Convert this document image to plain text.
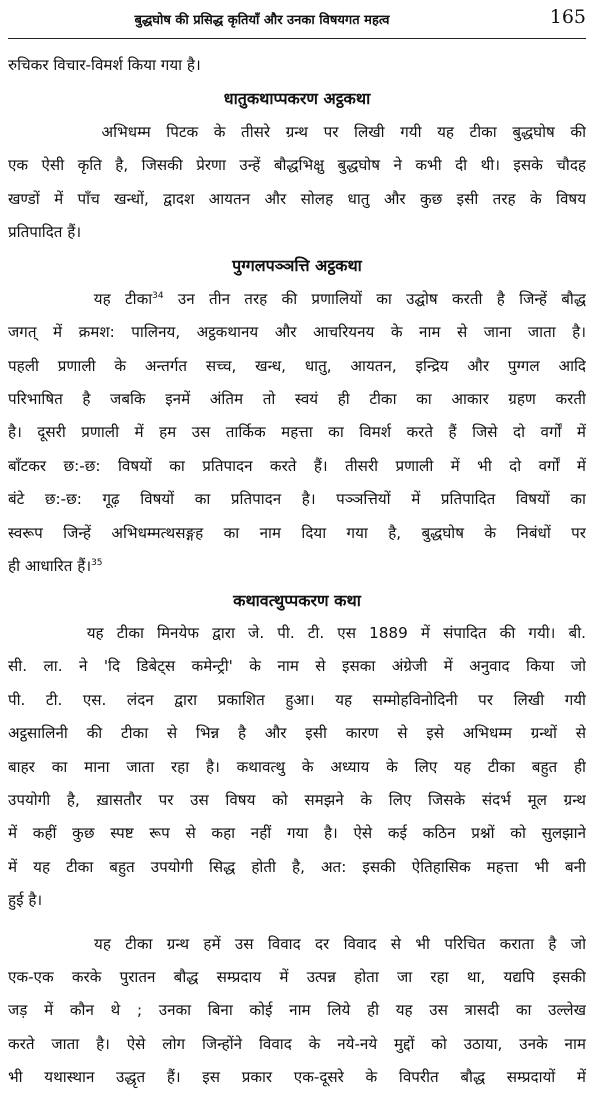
बुद्धघोष की प्रसिद्ध कृतियाँ और उनका विषयगत महत्व	165
रुचिकर विचार-विमर्श किया गया है।
धातुकथाप्पकरण अट्ठकथा
अभिधम्म पिटक के तीसरे ग्रन्थ पर लिखी गयी यह टीका बुद्धघोष की
एक ऐसी कृति है, जिसकी प्रेरणा उन्हें बौद्धभिक्षु बुद्धघोष ने कभी दी थी। इसके चौदह
खण्डों में पाँच खन्धों, द्वादश आयतन और सोलह धातु और कुछ इसी तरह के विषय
प्रतिपादित हैं।
पुग्गलपञ्ञत्ति अट्ठकथा
यह टीका$^{34}$ उन तीन तरह की प्रणालियों का उद्घोष करती है जिन्हें बौद्ध
जगत् में क्रमश: पालिनय, अट्ठकथानय और आचरियनय के नाम से जाना जाता है।
पहली प्रणाली के अन्तर्गत सच्च, खन्ध, धातु, आयतन, इन्द्रिय और पुग्गल आदि
परिभाषित है जबकि इनमें अंतिम तो स्वयं ही टीका का आकार ग्रहण करती
है। दूसरी प्रणाली में हम उस तार्किक महत्ता का विमर्श करते हैं जिसे दो वर्गों में
बाँटकर छ:-छ: विषयों का प्रतिपादन करते हैं। तीसरी प्रणाली में भी दो वर्गों में
बंटे छ:-छ: गूढ़ विषयों का प्रतिपादन है। पञ्ञत्तियों में प्रतिपादित विषयों का
स्वरूप जिन्हें अभिधम्मत्थसङ्गह का नाम दिया गया है, बुद्धघोष के निबंधों पर
ही आधारित हैं।$^{35}$
कथावत्थुप्पकरण कथा
यह टीका मिनयेफ द्वारा जे. पी. टी. एस 1889 में संपादित की गयी। बी.
सी. ला. ने 'दि डिबेट्स कमेन्ट्री' के नाम से इसका अंग्रेजी में अनुवाद किया जो
पी. टी. एस. लंदन द्वारा प्रकाशित हुआ। यह सम्मोहविनोदिनी पर लिखी गयी
अट्ठसालिनी की टीका से भिन्न है और इसी कारण से इसे अभिधम्म ग्रन्थों से
बाहर का माना जाता रहा है। कथावत्थु के अध्याय के लिए यह टीका बहुत ही
उपयोगी है, ख़ासतौर पर उस विषय को समझने के लिए जिसके संदर्भ मूल ग्रन्थ
में कहीं कुछ स्पष्ट रूप से कहा नहीं गया है। ऐसे कई कठिन प्रश्नों को सुलझाने
में यह टीका बहुत उपयोगी सिद्ध होती है, अत: इसकी ऐतिहासिक महत्ता भी बनी
हुई है।
यह टीका ग्रन्थ हमें उस विवाद दर विवाद से भी परिचित कराता है जो
एक-एक करके पुरातन बौद्ध सम्प्रदाय में उत्पन्न होता जा रहा था, यद्यपि इसकी
जड़ में कौन थे ; उनका बिना कोई नाम लिये ही यह उस त्रासदी का उल्लेख
करते जाता है। ऐसे लोग जिन्होंने विवाद के नये-नये मुद्दों को उठाया, उनके नाम
भी यथास्थान उद्धृत हैं। इस प्रकार एक-दूसरे के विपरीत बौद्ध सम्प्रदायों में
